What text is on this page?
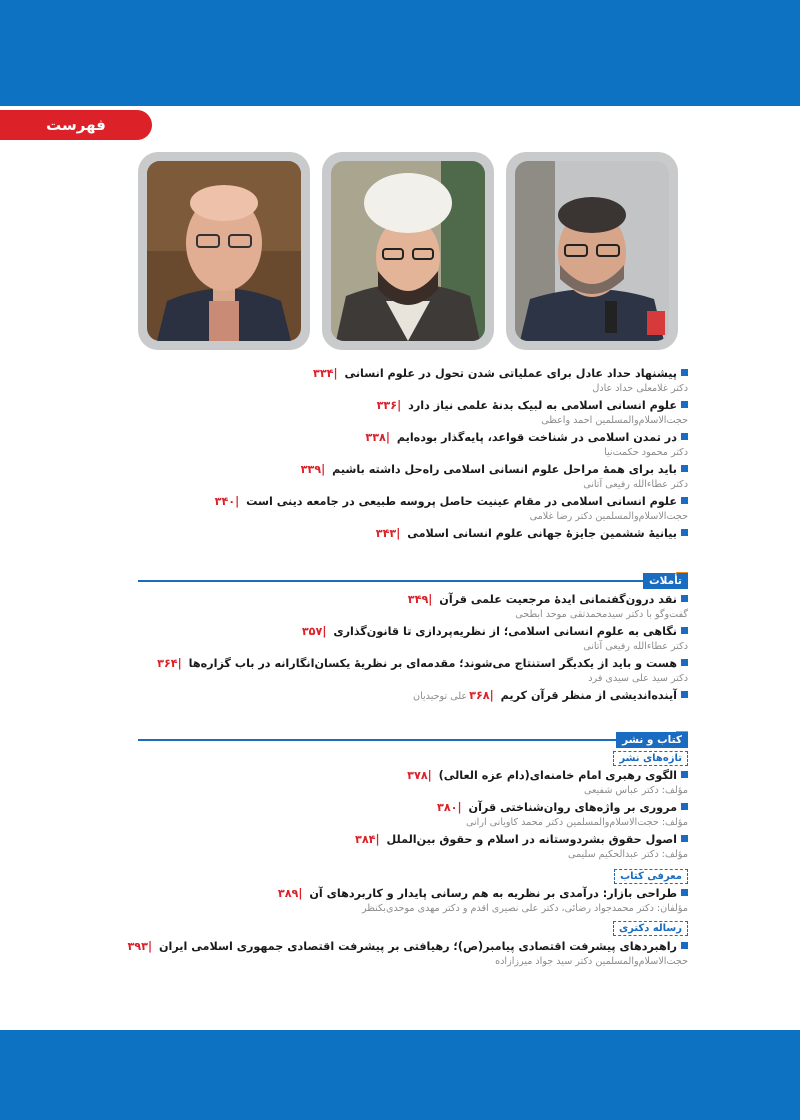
فهرست
پیشنهاد حداد عادل برای عملیاتی شدن تحول در علوم انسانی |۳۳۴
دکتر غلامعلی حداد عادل
علوم انسانی اسلامی به لبیک بدنۀ علمی نیاز دارد |۳۳۶
حجت‌الاسلام‌والمسلمین احمد واعظی
در تمدن اسلامی در شناخت قواعد، پایه‌گذار بوده‌ایم |۳۳۸
دکتر محمود حکمت‌نیا
باید برای همۀ مراحل علوم انسانی اسلامی راه‌حل داشته باشیم |۳۳۹
دکتر عطاءالله رفیعی آتانی
علوم انسانی اسلامی در مقام عینیت حاصل پروسه طبیعی در جامعه دینی است |۳۴۰
حجت‌الاسلام‌والمسلمین دکتر رضا غلامی
بیانیۀ ششمین جایزۀ جهانی علوم انسانی اسلامی |۳۴۳
تأملات
نقد درون‌گفتمانی ایدۀ مرجعیت علمی قرآن |۳۴۹
گفت‌وگو با دکتر سیدمحمدتقی موحد ابطحی
نگاهی به علوم انسانی اسلامی؛ از نظریه‌پردازی تا قانون‌گذاری |۳۵۷
دکتر عطاءالله رفیعی آتانی
هست و باید از یکدیگر استنتاج می‌شوند؛ مقدمه‌ای بر نظریۀ یکسان‌انگارانه در باب گزاره‌ها |۳۶۴
دکتر سید علی سیدی فرد
آینده‌اندیشی از منظر قرآن کریم |۳۶۸علی توحیدیان
کتاب و نشر
تازه‌های نشر
الگوی رهبری امام خامنه‌ای(دام عزه العالی) |۳۷۸
مؤلف: دکتر عباس شفیعی
مروری بر واژه‌های روان‌شناختی قرآن |۳۸۰
مؤلف: حجت‌الاسلام‌والمسلمین دکتر محمد کاویانی ارانی
اصول حقوق بشردوستانه در اسلام و حقوق بین‌الملل |۳۸۴
مؤلف: دکتر عبدالحکیم سلیمی
معرفی کتاب
طراحی بازار: درآمدی بر نظریه به هم رسانی پایدار و کاربردهای آن |۳۸۹
مؤلفان: دکتر محمدجواد رضائی، دکتر علی نصیری اقدم و دکتر مهدی موحدی‌بکنظر
رساله دکتری
راهبردهای پیشرفت اقتصادی پیامبر(ص)؛ رهیافتی بر پیشرفت اقتصادی جمهوری اسلامی ایران |۳۹۳
حجت‌الاسلام‌والمسلمین دکتر سید جواد میرزازاده
